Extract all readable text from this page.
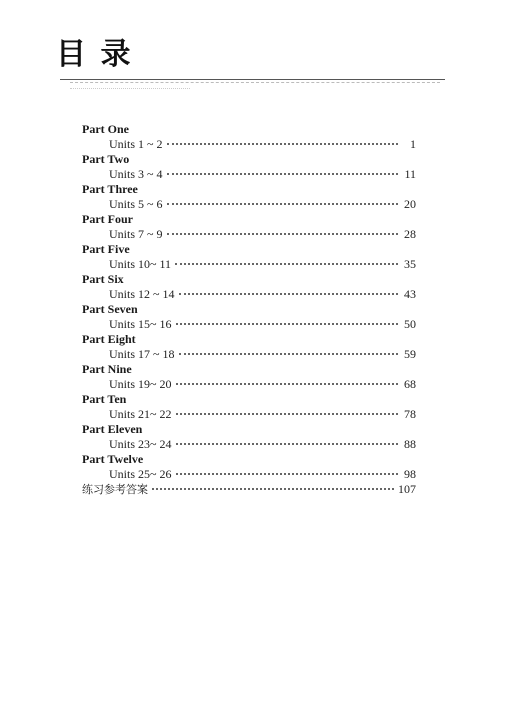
目 录
Part One
Units 1 ~ 2	1
Part Two
Units 3 ~ 4	11
Part Three
Units 5 ~ 6	20
Part Four
Units 7 ~ 9	28
Part Five
Units 10~ 11	35
Part Six
Units 12 ~ 14	43
Part Seven
Units 15~ 16	50
Part Eight
Units 17 ~ 18	59
Part Nine
Units 19~ 20	68
Part Ten
Units 21~ 22	78
Part Eleven
Units 23~ 24	88
Part Twelve
Units 25~ 26	98
练习参考答案	107
